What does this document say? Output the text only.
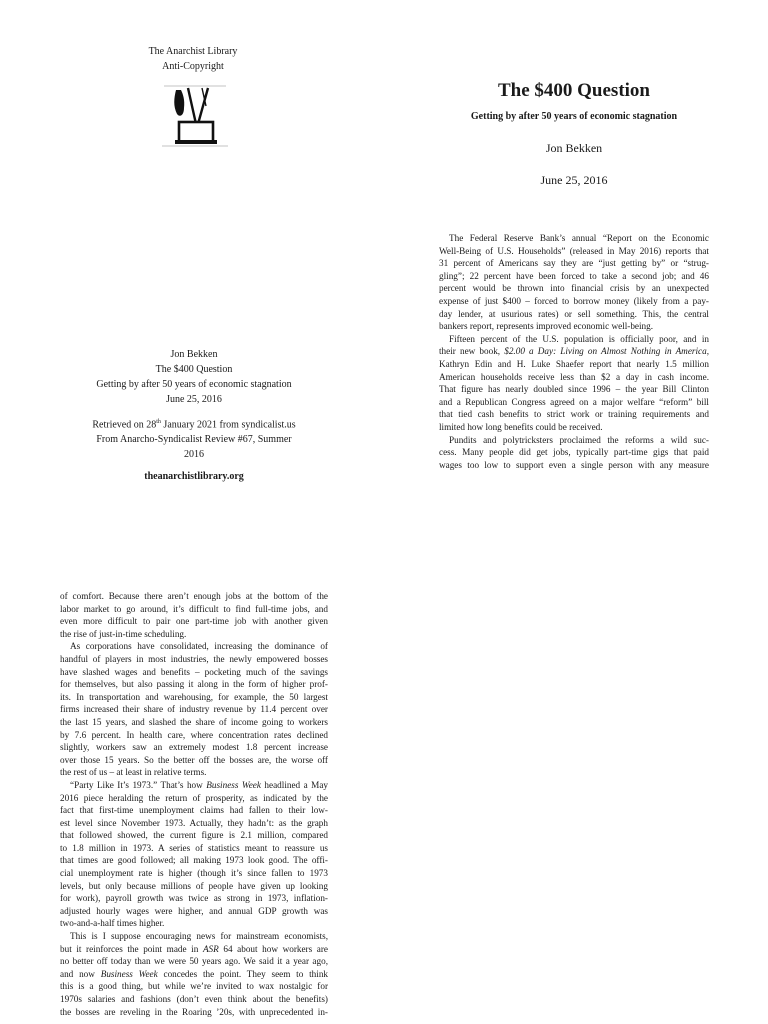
The Anarchist Library
Anti-Copyright
Jon Bekken
The $400 Question
Getting by after 50 years of economic stagnation
June 25, 2016
Retrieved on 28th January 2021 from syndicalist.us
From Anarcho-Syndicalist Review #67, Summer 2016
theanarchistlibrary.org
The $400 Question
Getting by after 50 years of economic stagnation
Jon Bekken
June 25, 2016
The Federal Reserve Bank’s annual “Report on the Economic
Well-Being of U.S. Households” (released in May 2016) reports that
31 percent of Americans say they are “just getting by” or “strug-
gling”; 22 percent have been forced to take a second job; and 46
percent would be thrown into financial crisis by an unexpected
expense of just $400 – forced to borrow money (likely from a pay-
day lender, at usurious rates) or sell something. This, the central
bankers report, represents improved economic well-being.
Fifteen percent of the U.S. population is officially poor, and in
their new book, $2.00 a Day: Living on Almost Nothing in America,
Kathryn Edin and H. Luke Shaefer report that nearly 1.5 million
American households receive less than $2 a day in cash income.
That figure has nearly doubled since 1996 – the year Bill Clinton
and a Republican Congress agreed on a major welfare “reform” bill
that tied cash benefits to strict work or training requirements and
limited how long benefits could be received.
Pundits and polytricksters proclaimed the reforms a wild suc-
cess. Many people did get jobs, typically part-time gigs that paid
wages too low to support even a single person with any measure
of comfort. Because there aren’t enough jobs at the bottom of the
labor market to go around, it’s difficult to find full-time jobs, and
even more difficult to pair one part-time job with another given
the rise of just-in-time scheduling.
As corporations have consolidated, increasing the dominance of
handful of players in most industries, the newly empowered bosses
have slashed wages and benefits – pocketing much of the savings
for themselves, but also passing it along in the form of higher prof-
its. In transportation and warehousing, for example, the 50 largest
firms increased their share of industry revenue by 11.4 percent over
the last 15 years, and slashed the share of income going to workers
by 7.6 percent. In health care, where concentration rates declined
slightly, workers saw an extremely modest 1.8 percent increase
over those 15 years. So the better off the bosses are, the worse off
the rest of us – at least in relative terms.
“Party Like It’s 1973.” That’s how Business Week headlined a May
2016 piece heralding the return of prosperity, as indicated by the
fact that first-time unemployment claims had fallen to their low-
est level since November 1973. Actually, they hadn’t: as the graph
that followed showed, the current figure is 2.1 million, compared
to 1.8 million in 1973. A series of statistics meant to reassure us
that times are good followed; all making 1973 look good. The offi-
cial unemployment rate is higher (though it’s since fallen to 1973
levels, but only because millions of people have given up looking
for work), payroll growth was twice as strong in 1973, inflation-
adjusted hourly wages were higher, and annual GDP growth was
two-and-a-half times higher.
This is I suppose encouraging news for mainstream economists,
but it reinforces the point made in ASR 64 about how workers are
no better off today than we were 50 years ago. We said it a year ago,
and now Business Week concedes the point. They seem to think
this is a good thing, but while we’re invited to wax nostalgic for
1970s salaries and fashions (don’t even think about the benefits)
the bosses are reveling in the Roaring ’20s, with unprecedented in-
